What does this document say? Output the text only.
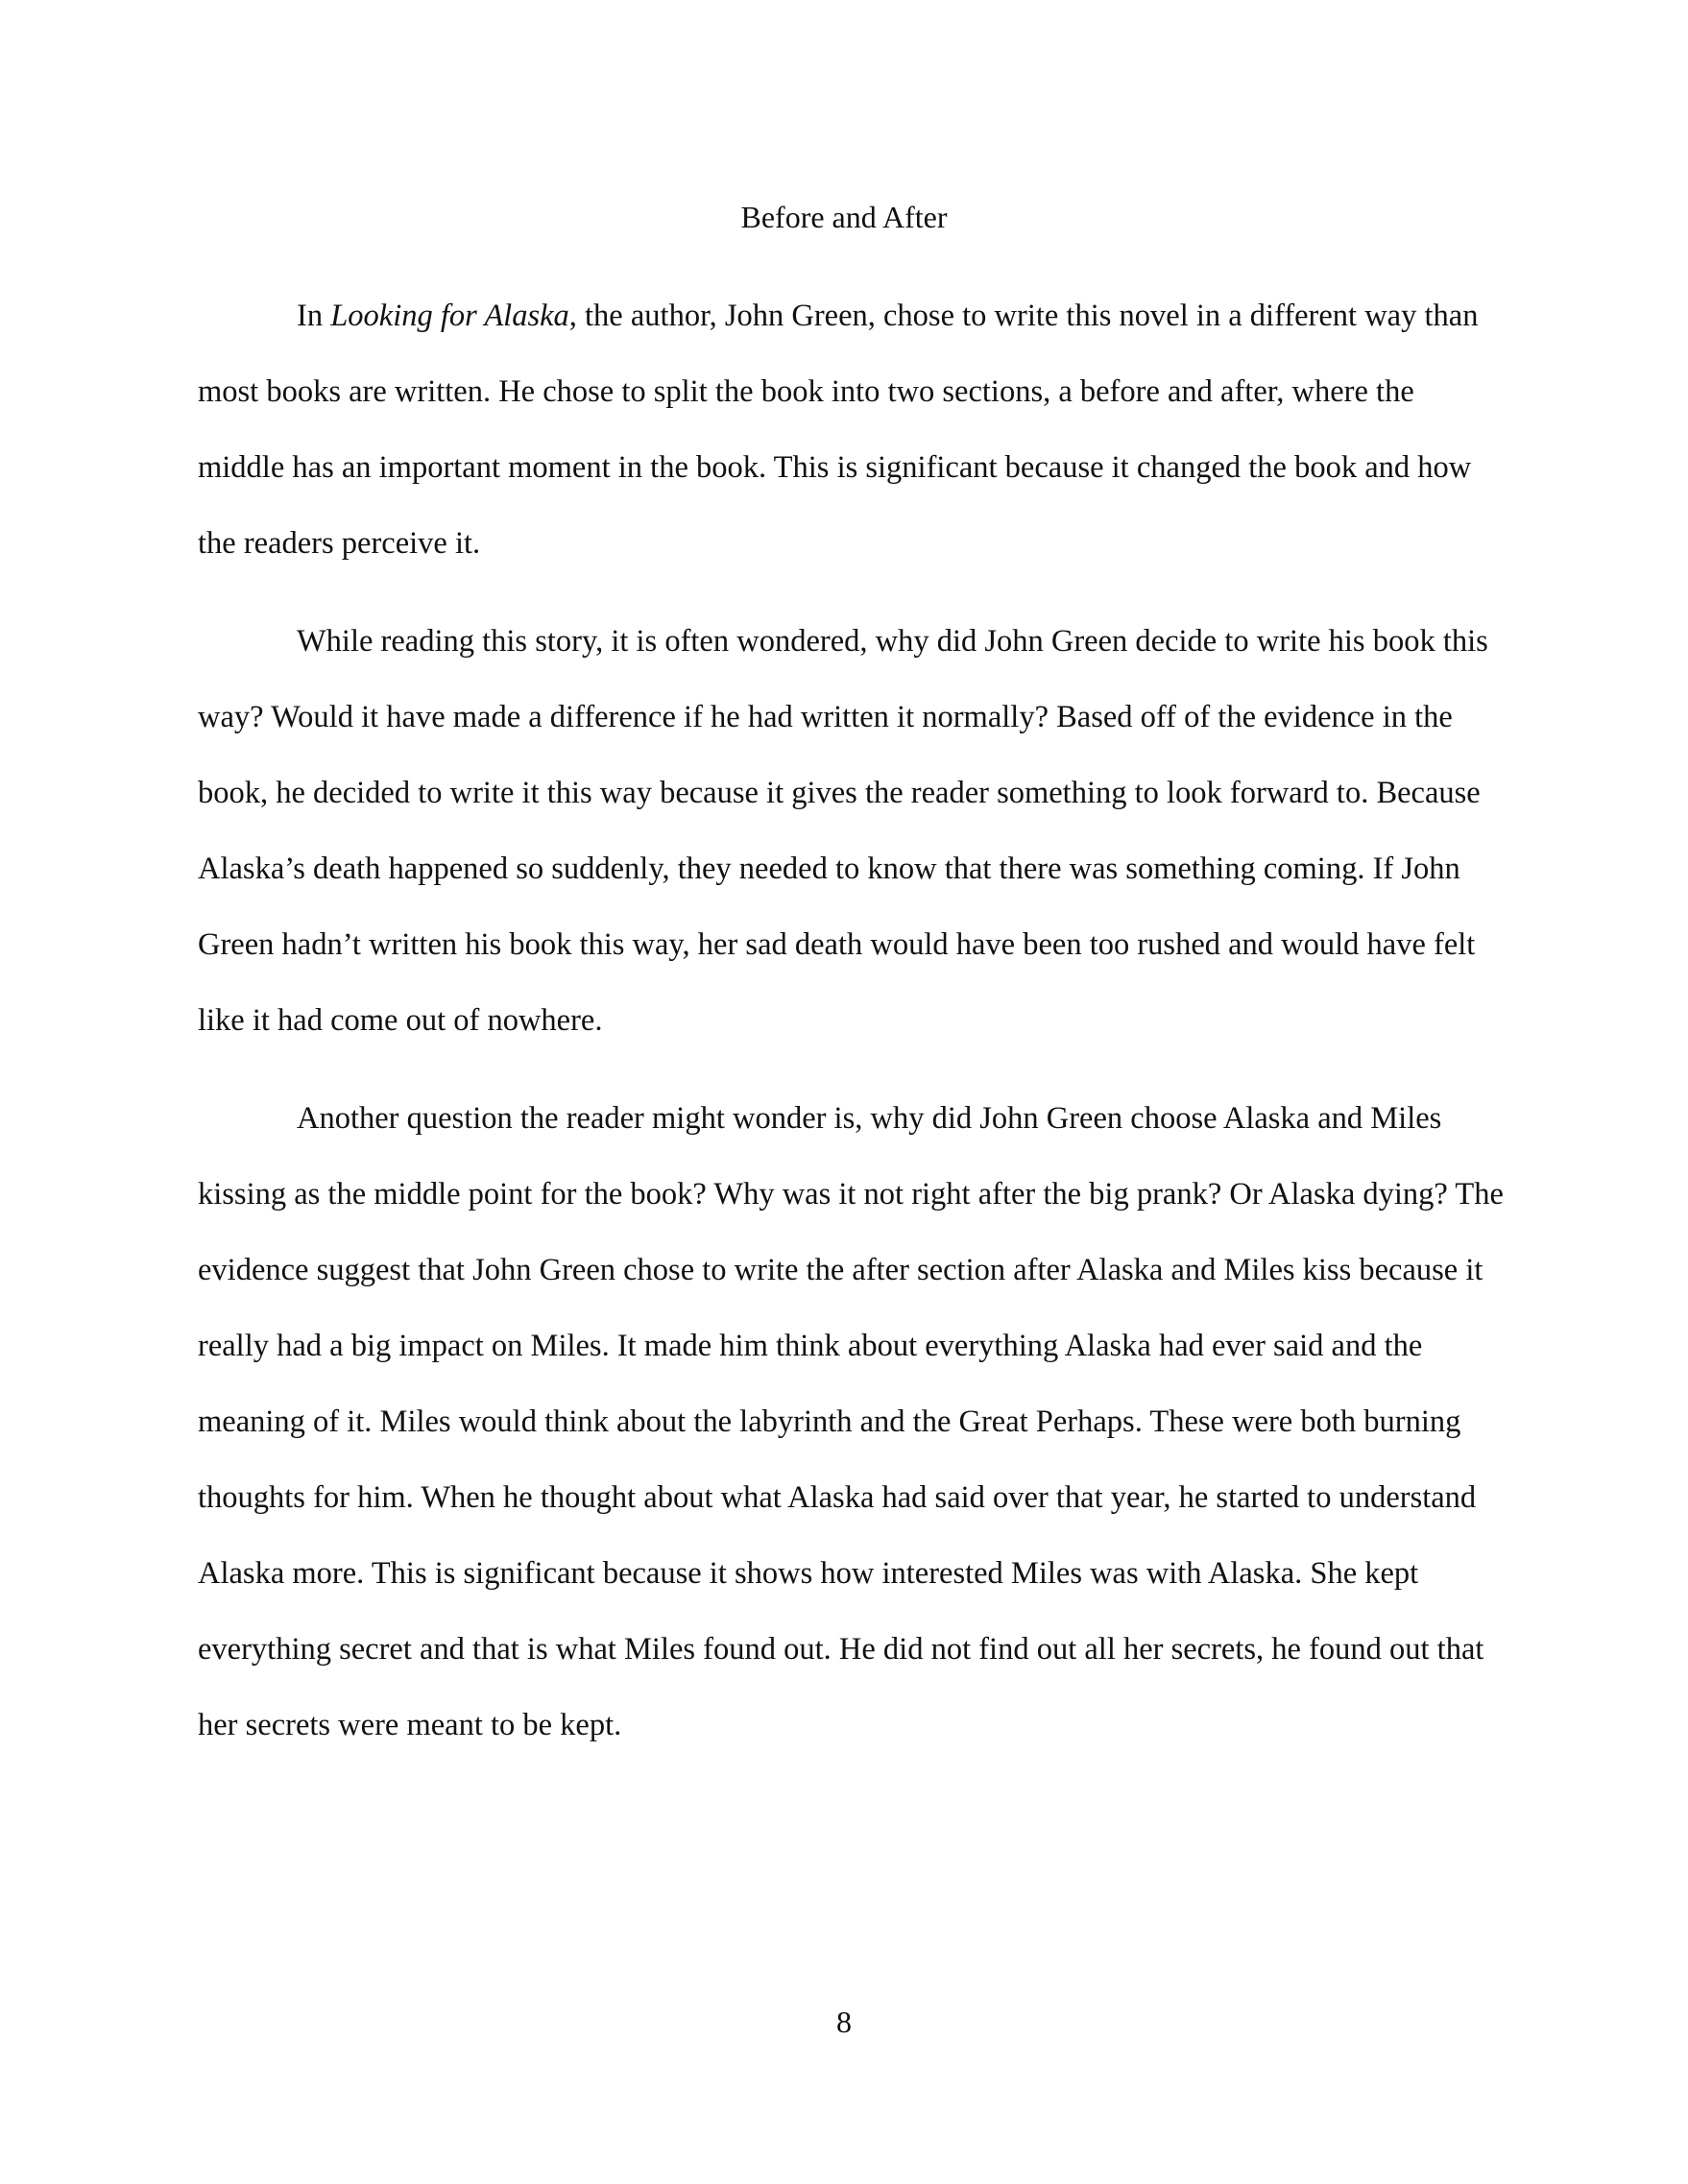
Before and After

In Looking for Alaska, the author, John Green, chose to write this novel in a different way than most books are written. He chose to split the book into two sections, a before and after, where the middle has an important moment in the book. This is significant because it changed the book and how the readers perceive it.

While reading this story, it is often wondered, why did John Green decide to write his book this way? Would it have made a difference if he had written it normally? Based off of the evidence in the book, he decided to write it this way because it gives the reader something to look forward to. Because Alaska’s death happened so suddenly, they needed to know that there was something coming. If John Green hadn’t written his book this way, her sad death would have been too rushed and would have felt like it had come out of nowhere.

Another question the reader might wonder is, why did John Green choose Alaska and Miles kissing as the middle point for the book? Why was it not right after the big prank? Or Alaska dying? The evidence suggest that John Green chose to write the after section after Alaska and Miles kiss because it really had a big impact on Miles. It made him think about everything Alaska had ever said and the meaning of it. Miles would think about the labyrinth and the Great Perhaps. These were both burning thoughts for him. When he thought about what Alaska had said over that year, he started to understand Alaska more. This is significant because it shows how interested Miles was with Alaska. She kept everything secret and that is what Miles found out. He did not find out all her secrets, he found out that her secrets were meant to be kept.

8
